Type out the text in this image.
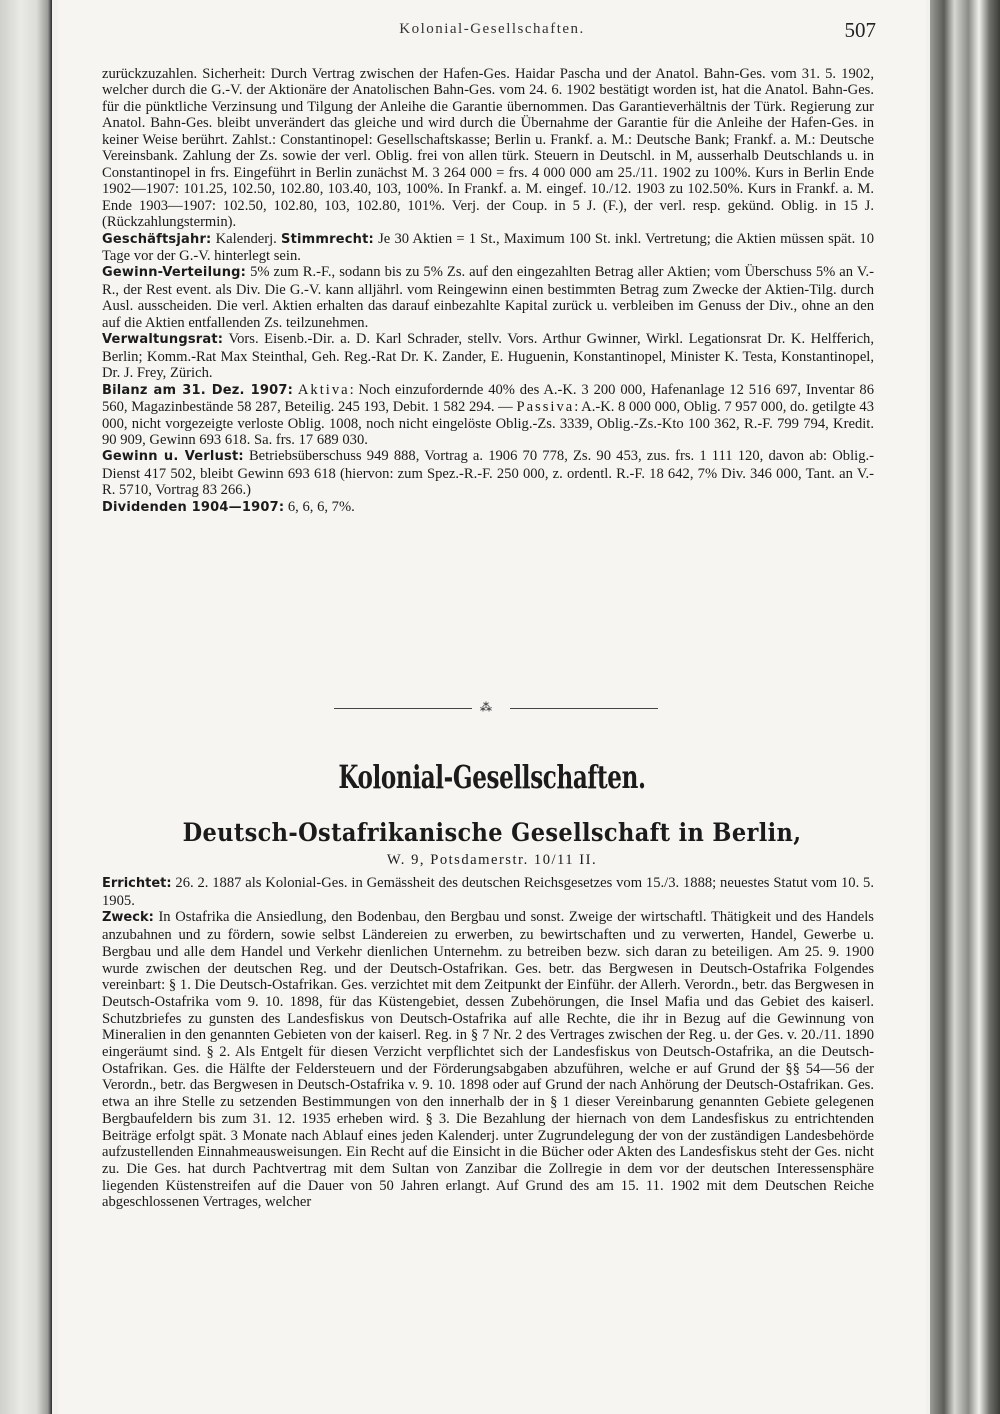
Kolonial-Gesellschaften.	507

zurückzuzahlen. Sicherheit: Durch Vertrag zwischen der Hafen-Ges. Haidar Pascha und der Anatol. Bahn-Ges. vom 31. 5. 1902, welcher durch die G.-V. der Aktionäre der Anatolischen Bahn-Ges. vom 24. 6. 1902 bestätigt worden ist, hat die Anatol. Bahn-Ges. für die pünktliche Verzinsung und Tilgung der Anleihe die Garantie übernommen. Das Garantieverhältnis der Türk. Regierung zur Anatol. Bahn-Ges. bleibt unverändert das gleiche und wird durch die Übernahme der Garantie für die Anleihe der Hafen-Ges. in keiner Weise berührt. Zahlst.: Constantinopel: Gesellschaftskasse; Berlin u. Frankf. a. M.: Deutsche Bank; Frankf. a. M.: Deutsche Vereinsbank. Zahlung der Zs. sowie der verl. Oblig. frei von allen türk. Steuern in Deutschl. in M, ausserhalb Deutschlands u. in Constantinopel in frs. Eingeführt in Berlin zunächst M. 3 264 000 = frs. 4 000 000 am 25./11. 1902 zu 100%. Kurs in Berlin Ende 1902—1907: 101.25, 102.50, 102.80, 103.40, 103, 100%. In Frankf. a. M. eingef. 10./12. 1903 zu 102.50%. Kurs in Frankf. a. M. Ende 1903—1907: 102.50, 102.80, 103, 102.80, 101%. Verj. der Coup. in 5 J. (F.), der verl. resp. gekünd. Oblig. in 15 J. (Rückzahlungstermin).

Geschäftsjahr: Kalenderj. Stimmrecht: Je 30 Aktien = 1 St., Maximum 100 St. inkl. Vertretung; die Aktien müssen spät. 10 Tage vor der G.-V. hinterlegt sein.

Gewinn-Verteilung: 5% zum R.-F., sodann bis zu 5% Zs. auf den eingezahlten Betrag aller Aktien; vom Überschuss 5% an V.-R., der Rest event. als Div. Die G.-V. kann alljährl. vom Reingewinn einen bestimmten Betrag zum Zwecke der Aktien-Tilg. durch Ausl. ausscheiden. Die verl. Aktien erhalten das darauf einbezahlte Kapital zurück u. verbleiben im Genuss der Div., ohne an den auf die Aktien entfallenden Zs. teilzunehmen.

Verwaltungsrat: Vors. Eisenb.-Dir. a. D. Karl Schrader, stellv. Vors. Arthur Gwinner, Wirkl. Legationsrat Dr. K. Helfferich, Berlin; Komm.-Rat Max Steinthal, Geh. Reg.-Rat Dr. K. Zander, E. Huguenin, Konstantinopel, Minister K. Testa, Konstantinopel, Dr. J. Frey, Zürich.

Bilanz am 31. Dez. 1907: Aktiva: Noch einzufordernde 40% des A.-K. 3 200 000, Hafenanlage 12 516 697, Inventar 86 560, Magazinbestände 58 287, Beteilig. 245 193, Debit. 1 582 294. — Passiva: A.-K. 8 000 000, Oblig. 7 957 000, do. getilgte 43 000, nicht vorgezeigte verloste Oblig. 1008, noch nicht eingelöste Oblig.-Zs. 3339, Oblig.-Zs.-Kto 100 362, R.-F. 799 794, Kredit. 90 909, Gewinn 693 618. Sa. frs. 17 689 030.

Gewinn u. Verlust: Betriebsüberschuss 949 888, Vortrag a. 1906 70 778, Zs. 90 453, zus. frs. 1 111 120, davon ab: Oblig.-Dienst 417 502, bleibt Gewinn 693 618 (hiervon: zum Spez.-R.-F. 250 000, z. ordentl. R.-F. 18 642, 7% Div. 346 000, Tant. an V.-R. 5710, Vortrag 83 266.)

Dividenden 1904—1907: 6, 6, 6, 7%.

⁂
Kolonial-Gesellschaften.
Deutsch-Ostafrikanische Gesellschaft in Berlin,
W. 9, Potsdamerstr. 10/11 II.

Errichtet: 26. 2. 1887 als Kolonial-Ges. in Gemässheit des deutschen Reichsgesetzes vom 15./3. 1888; neuestes Statut vom 10. 5. 1905.

Zweck: In Ostafrika die Ansiedlung, den Bodenbau, den Bergbau und sonst. Zweige der wirtschaftl. Thätigkeit und des Handels anzubahnen und zu fördern, sowie selbst Ländereien zu erwerben, zu bewirtschaften und zu verwerten, Handel, Gewerbe u. Bergbau und alle dem Handel und Verkehr dienlichen Unternehm. zu betreiben bezw. sich daran zu beteiligen. Am 25. 9. 1900 wurde zwischen der deutschen Reg. und der Deutsch-Ostafrikan. Ges. betr. das Bergwesen in Deutsch-Ostafrika Folgendes vereinbart: § 1. Die Deutsch-Ostafrikan. Ges. verzichtet mit dem Zeitpunkt der Einführ. der Allerh. Verordn., betr. das Bergwesen in Deutsch-Ostafrika vom 9. 10. 1898, für das Küstengebiet, dessen Zubehörungen, die Insel Mafia und das Gebiet des kaiserl. Schutzbriefes zu gunsten des Landesfiskus von Deutsch-Ostafrika auf alle Rechte, die ihr in Bezug auf die Gewinnung von Mineralien in den genannten Gebieten von der kaiserl. Reg. in § 7 Nr. 2 des Vertrages zwischen der Reg. u. der Ges. v. 20./11. 1890 eingeräumt sind. § 2. Als Entgelt für diesen Verzicht verpflichtet sich der Landesfiskus von Deutsch-Ostafrika, an die Deutsch-Ostafrikan. Ges. die Hälfte der Feldersteuern und der Förderungsabgaben abzuführen, welche er auf Grund der §§ 54—56 der Verordn., betr. das Bergwesen in Deutsch-Ostafrika v. 9. 10. 1898 oder auf Grund der nach Anhörung der Deutsch-Ostafrikan. Ges. etwa an ihre Stelle zu setzenden Bestimmungen von den innerhalb der in § 1 dieser Vereinbarung genannten Gebiete gelegenen Bergbaufeldern bis zum 31. 12. 1935 erheben wird. § 3. Die Bezahlung der hiernach von dem Landesfiskus zu entrichtenden Beiträge erfolgt spät. 3 Monate nach Ablauf eines jeden Kalenderj. unter Zugrundelegung der von der zuständigen Landesbehörde aufzustellenden Einnahmeausweisungen. Ein Recht auf die Einsicht in die Bücher oder Akten des Landesfiskus steht der Ges. nicht zu. Die Ges. hat durch Pachtvertrag mit dem Sultan von Zanzibar die Zollregie in dem vor der deutschen Interessensphäre liegenden Küstenstreifen auf die Dauer von 50 Jahren erlangt. Auf Grund des am 15. 11. 1902 mit dem Deutschen Reiche abgeschlossenen Vertrages, welcher
